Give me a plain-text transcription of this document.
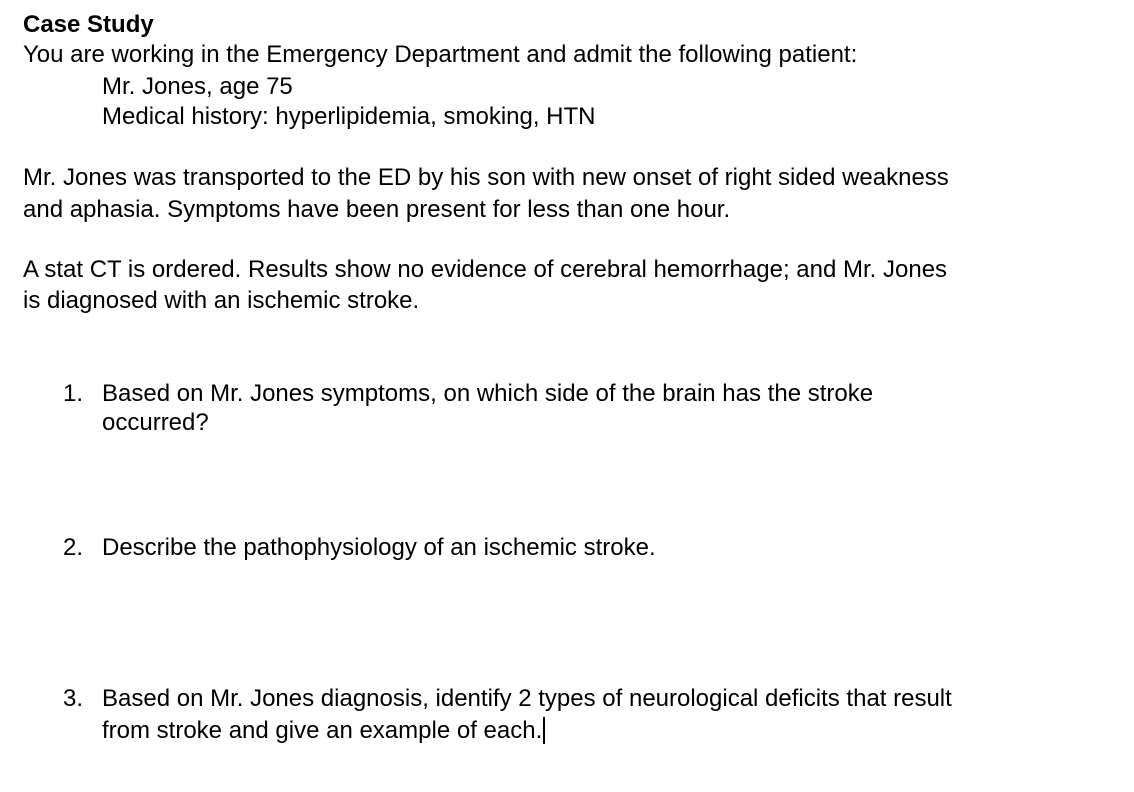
Case Study
You are working in the Emergency Department and admit the following patient:
Mr. Jones, age 75
Medical history: hyperlipidemia, smoking, HTN
Mr. Jones was transported to the ED by his son with new onset of right sided weakness
and aphasia. Symptoms have been present for less than one hour.
A stat CT is ordered. Results show no evidence of cerebral hemorrhage; and Mr. Jones
is diagnosed with an ischemic stroke.
1. Based on Mr. Jones symptoms, on which side of the brain has the stroke
occurred?
2. Describe the pathophysiology of an ischemic stroke.
3. Based on Mr. Jones diagnosis, identify 2 types of neurological deficits that result
from stroke and give an example of each.
